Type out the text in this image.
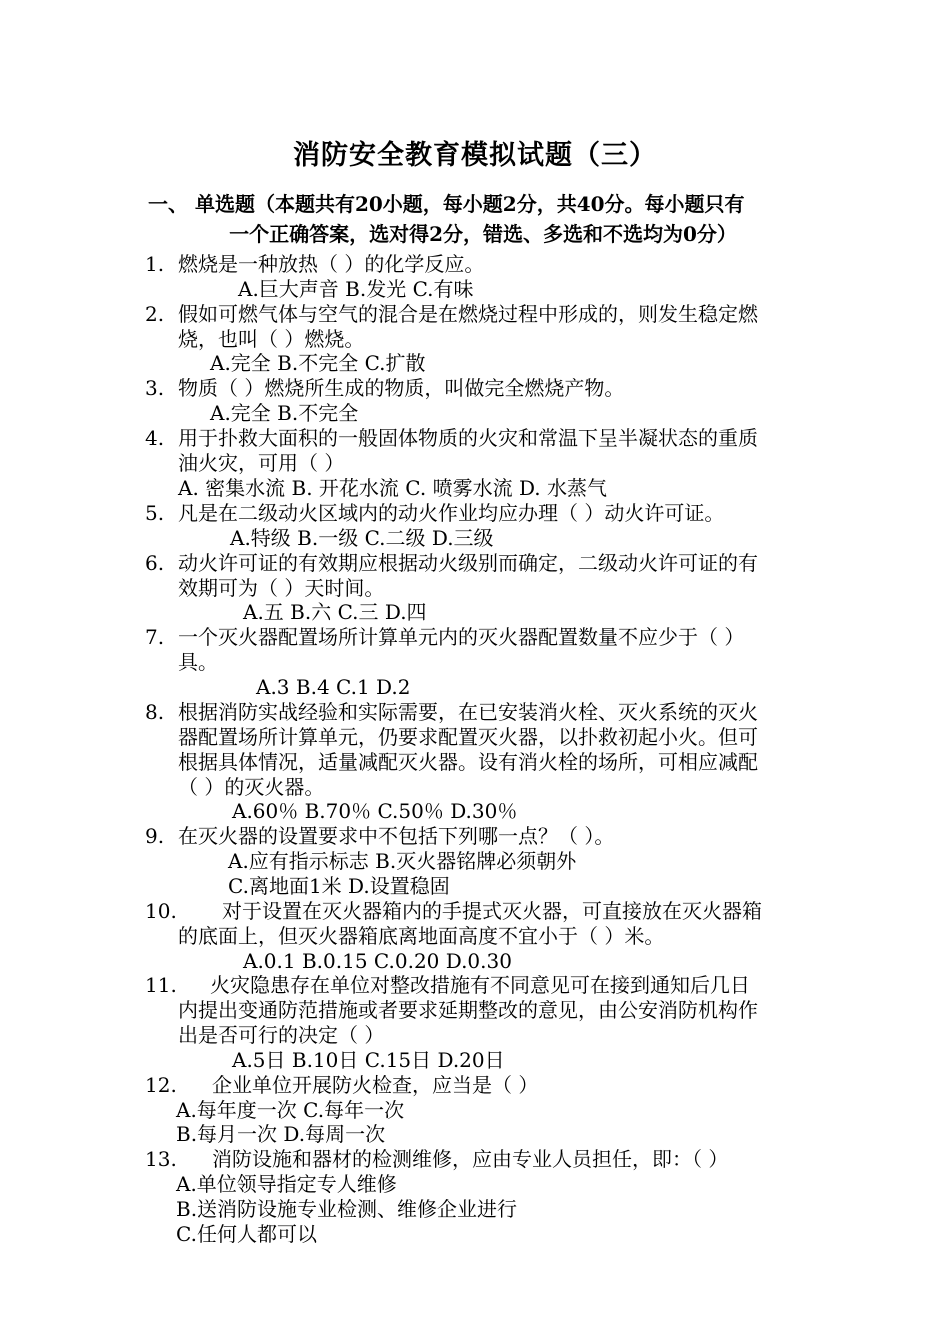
消防安全教育模拟试题（三）
一、 单选题（本题共有20小题，每小题2分，共40分。每小题只有
一个正确答案，选对得2分，错选、多选和不选均为0分）
1. 燃烧是一种放热（ ）的化学反应。
A.巨大声音 B.发光 C.有味
2. 假如可燃气体与空气的混合是在燃烧过程中形成的，则发生稳定燃
烧，也叫（ ）燃烧。
A.完全 B.不完全 C.扩散
3. 物质（ ）燃烧所生成的物质，叫做完全燃烧产物。
A.完全 B.不完全
4. 用于扑救大面积的一般固体物质的火灾和常温下呈半凝状态的重质
油火灾，可用（ ）
A. 密集水流 B. 开花水流 C. 喷雾水流 D. 水蒸气
5. 凡是在二级动火区域内的动火作业均应办理（ ）动火许可证。
A.特级 B.一级 C.二级 D.三级
6. 动火许可证的有效期应根据动火级别而确定，二级动火许可证的有
效期可为（ ）天时间。
A.五 B.六 C.三 D.四
7. 一个灭火器配置场所计算单元内的灭火器配置数量不应少于（ ）
具。
A.3 B.4 C.1 D.2
8. 根据消防实战经验和实际需要，在已安装消火栓、灭火系统的灭火
器配置场所计算单元，仍要求配置灭火器，以扑救初起小火。但可
根据具体情况，适量减配灭火器。设有消火栓的场所，可相应减配
（ ）的灭火器。
A.60％ B.70％ C.50％ D.30％
9. 在灭火器的设置要求中不包括下列哪一点？（ ）。
A.应有指示标志 B.灭火器铭牌必须朝外
C.离地面1米 D.设置稳固
10. 对于设置在灭火器箱内的手提式灭火器，可直接放在灭火器箱
的底面上，但灭火器箱底离地面高度不宜小于（ ）米。
A.0.1 B.0.15 C.0.20 D.0.30
11. 火灾隐患存在单位对整改措施有不同意见可在接到通知后几日
内提出变通防范措施或者要求延期整改的意见，由公安消防机构作
出是否可行的决定（ ）
A.5日 B.10日 C.15日 D.20日
12. 企业单位开展防火检查，应当是（ ）
A.每年度一次 C.每年一次
B.每月一次 D.每周一次
13. 消防设施和器材的检测维修，应由专业人员担任，即：（ ）
A.单位领导指定专人维修
B.送消防设施专业检测、维修企业进行
C.任何人都可以
